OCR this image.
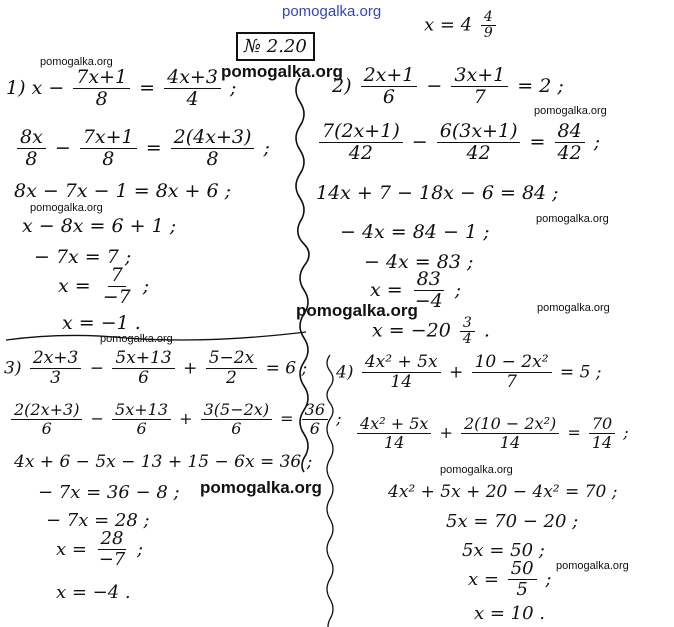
pomogalka.org
№ 2.20
$x = 4 \frac{4}{9}$
1) $x - \frac{7x+1}{8} = \frac{4x+3}{4}$ ;
$\frac{8x}{8} - \frac{7x+1}{8} = \frac{2(4x+3)}{8}$ ;
8x − 7x − 1 = 8x + 6 ;
x − 8x = 6 + 1 ;
− 7x = 7 ;
$x = \frac{7}{-7}$ ;
x = −1 .
$2) \frac{2x+1}{6} - \frac{3x+1}{7} = 2$ ;
$\frac{7(2x+1)}{42} - \frac{6(3x+1)}{42} = \frac{84}{42}$ ;
14x + 7 − 18x − 6 = 84 ;
− 4x = 84 − 1 ;
− 4x = 83 ;
$x = \frac{83}{-4}$ ;
$x = -20 \frac{3}{4}$ .
$3) \frac{2x+3}{3} - \frac{5x+13}{6} + \frac{5-2x}{2} = 6$ ;
$\frac{2(2x+3)}{6} - \frac{5x+13}{6} + \frac{3(5-2x)}{6} = \frac{36}{6}$ ;
4x + 6 − 5x − 13 + 15 − 6x = 36 ;
− 7x = 36 − 8 ;
− 7x = 28 ;
$x = \frac{28}{-7}$ ;
x = −4 .
$4) \frac{\text{4x² + 5x}}{14} + \frac{\text{10 − 2x²}}{7} = 5$ ;
$\frac{\text{4x² + 5x}}{14} + \frac{\text{2(10 − 2x²)}}{14} = \frac{70}{14}$ ;
4x² + 5x + 20 − 4x² = 70 ;
5x = 70 − 20 ;
5x = 50 ;
$x = \frac{50}{5}$ ;
x = 10 .
pomogalka.org
pomogalka.org
pomogalka.org
pomogalka.org
pomogalka.org
pomogalka.org
pomogalka.org
pomogalka.org
pomogalka.org
pomogalka.org
pomogalka.org
